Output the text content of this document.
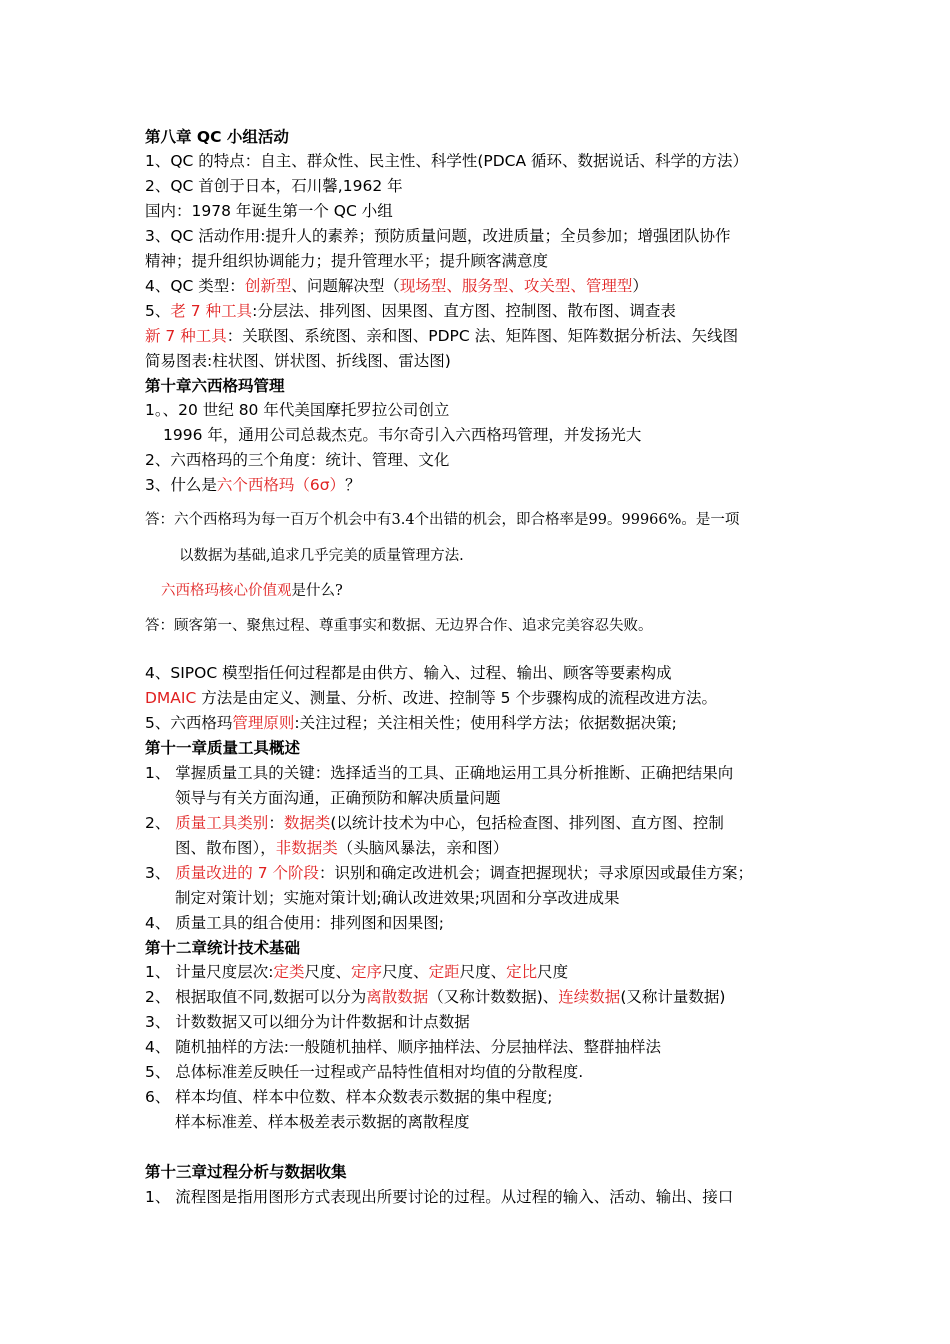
第八章 QC 小组活动
1、QC 的特点：自主、群众性、民主性、科学性(PDCA 循环、数据说话、科学的方法）
2、QC 首创于日本，石川馨,1962 年
国内：1978 年诞生第一个 QC 小组
3、QC 活动作用:提升人的素养；预防质量问题，改进质量；全员参加；增强团队协作
精神；提升组织协调能力；提升管理水平；提升顾客满意度
4、QC 类型：创新型、问题解决型（现场型、服务型、攻关型、管理型）
5、老 7 种工具:分层法、排列图、因果图、直方图、控制图、散布图、调查表
新 7 种工具：关联图、系统图、亲和图、PDPC 法、矩阵图、矩阵数据分析法、矢线图
简易图表:柱状图、饼状图、折线图、雷达图)
第十章六西格玛管理
1。、20 世纪 80 年代美国摩托罗拉公司创立
1996 年，通用公司总裁杰克。韦尔奇引入六西格玛管理，并发扬光大
2、六西格玛的三个角度：统计、管理、文化
3、什么是六个西格玛（6σ）？
答：六个西格玛为每一百万个机会中有3.4个出错的机会，即合格率是99。99966%。是一项
以数据为基础,追求几乎完美的质量管理方法.
六西格玛核心价值观是什么?
答：顾客第一、聚焦过程、尊重事实和数据、无边界合作、追求完美容忍失败。
4、SIPOC 模型指任何过程都是由供方、输入、过程、输出、顾客等要素构成
DMAIC 方法是由定义、测量、分析、改进、控制等 5 个步骤构成的流程改进方法。
5、六西格玛管理原则:关注过程；关注相关性；使用科学方法；依据数据决策;
第十一章质量工具概述
1、 掌握质量工具的关键：选择适当的工具、正确地运用工具分析推断、正确把结果向
领导与有关方面沟通，正确预防和解决质量问题
2、 质量工具类别：数据类(以统计技术为中心，包括检查图、排列图、直方图、控制
图、散布图），非数据类（头脑风暴法，亲和图）
3、 质量改进的 7 个阶段：识别和确定改进机会；调查把握现状；寻求原因或最佳方案；
制定对策计划；实施对策计划;确认改进效果;巩固和分享改进成果
4、 质量工具的组合使用：排列图和因果图;
第十二章统计技术基础
1、 计量尺度层次:定类尺度、定序尺度、定距尺度、定比尺度
2、 根据取值不同,数据可以分为离散数据（又称计数数据)、连续数据(又称计量数据)
3、 计数数据又可以细分为计件数据和计点数据
4、 随机抽样的方法:一般随机抽样、顺序抽样法、分层抽样法、整群抽样法
5、 总体标准差反映任一过程或产品特性值相对均值的分散程度.
6、 样本均值、样本中位数、样本众数表示数据的集中程度;
样本标准差、样本极差表示数据的离散程度
第十三章过程分析与数据收集
1、 流程图是指用图形方式表现出所要讨论的过程。从过程的输入、活动、输出、接口
